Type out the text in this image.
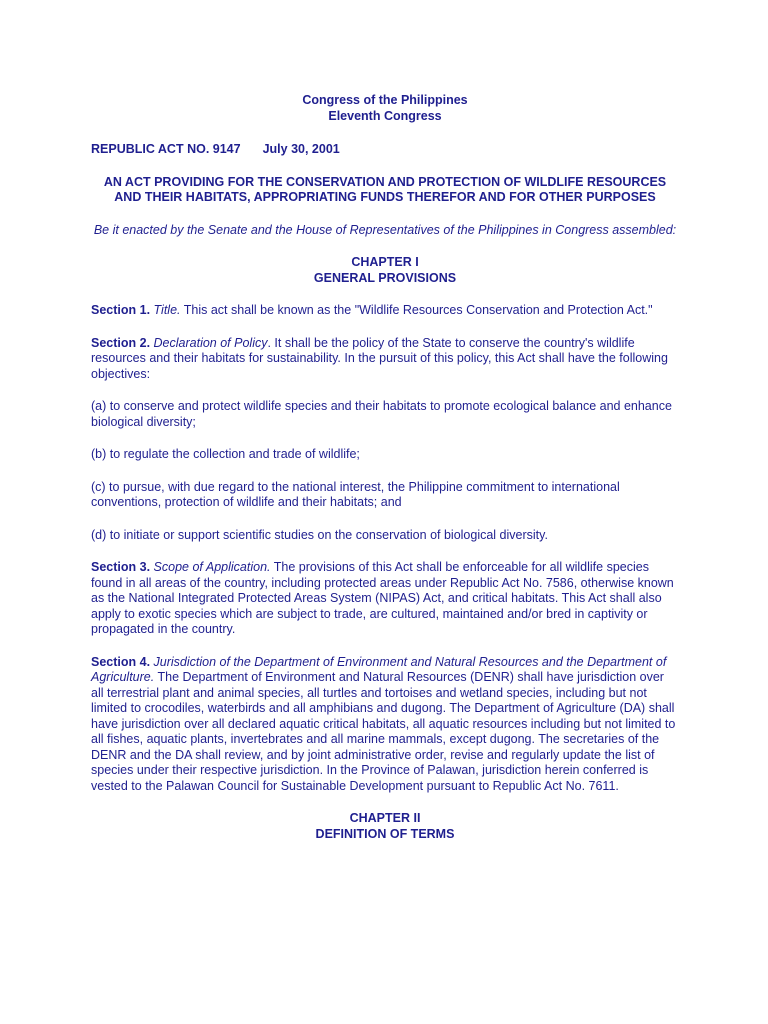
Congress of the Philippines
Eleventh Congress
REPUBLIC ACT NO. 9147 July 30, 2001
AN ACT PROVIDING FOR THE CONSERVATION AND PROTECTION OF WILDLIFE RESOURCES AND THEIR HABITATS, APPROPRIATING FUNDS THEREFOR AND FOR OTHER PURPOSES
Be it enacted by the Senate and the House of Representatives of the Philippines in Congress assembled:
CHAPTER I
GENERAL PROVISIONS

Section 1. Title. This act shall be known as the "Wildlife Resources Conservation and Protection Act."

Section 2. Declaration of Policy. It shall be the policy of the State to conserve the country's wildlife resources and their habitats for sustainability. In the pursuit of this policy, this Act shall have the following objectives:

(a) to conserve and protect wildlife species and their habitats to promote ecological balance and enhance biological diversity;

(b) to regulate the collection and trade of wildlife;

(c) to pursue, with due regard to the national interest, the Philippine commitment to international conventions, protection of wildlife and their habitats; and

(d) to initiate or support scientific studies on the conservation of biological diversity.

Section 3. Scope of Application. The provisions of this Act shall be enforceable for all wildlife species found in all areas of the country, including protected areas under Republic Act No. 7586, otherwise known as the National Integrated Protected Areas System (NIPAS) Act, and critical habitats. This Act shall also apply to exotic species which are subject to trade, are cultured, maintained and/or bred in captivity or propagated in the country.

Section 4. Jurisdiction of the Department of Environment and Natural Resources and the Department of Agriculture. The Department of Environment and Natural Resources (DENR) shall have jurisdiction over all terrestrial plant and animal species, all turtles and tortoises and wetland species, including but not limited to crocodiles, waterbirds and all amphibians and dugong. The Department of Agriculture (DA) shall have jurisdiction over all declared aquatic critical habitats, all aquatic resources including but not limited to all fishes, aquatic plants, invertebrates and all marine mammals, except dugong. The secretaries of the DENR and the DA shall review, and by joint administrative order, revise and regularly update the list of species under their respective jurisdiction. In the Province of Palawan, jurisdiction herein conferred is vested to the Palawan Council for Sustainable Development pursuant to Republic Act No. 7611.

CHAPTER II
DEFINITION OF TERMS
